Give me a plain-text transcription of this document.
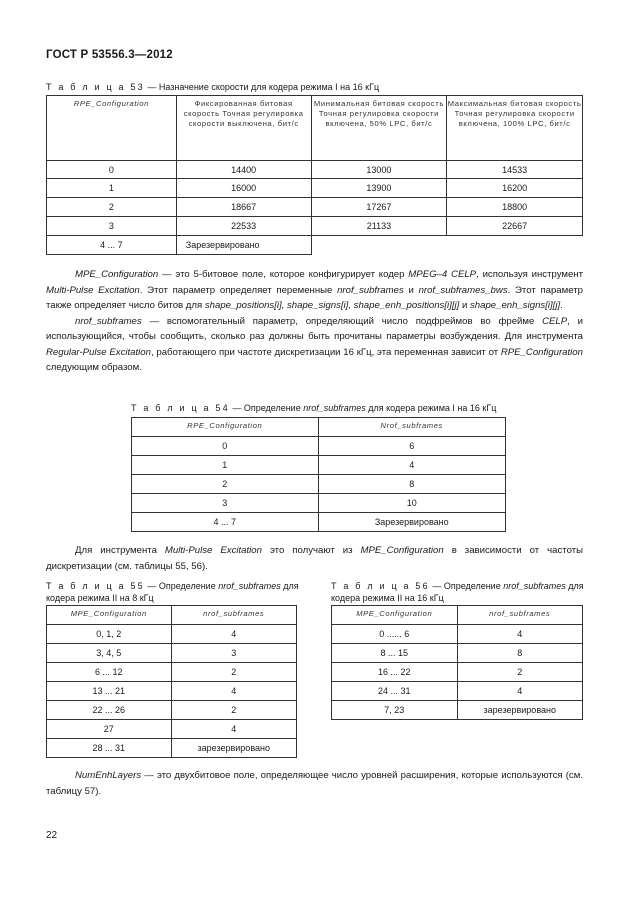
ГОСТ Р 53556.3—2012
Т а б л и ц а 53 — Назначение скорости для кодера режима I на 16 кГц
RPE_Configuration	Фиксированная битовая скорость Точная регулировка скорости выключена, бит/с	Минимальная битовая скорость Точная регулировка скорости включена, 50% LPC, бит/с	Максимальная битовая скорость Точная регулировка скорости включена, 100% LPC, бит/с
0	14400	13000	14533
1	16000	13900	16200
2	18667	17267	18800
3	22533	21133	22667
4 ... 7	Зарезервировано		

MPE_Configuration — это 5-битовое поле, которое конфигурирует кодер MPEG–4 CELP, используя инструмент Multi-Pulse Excitation. Этот параметр определяет переменные nrof_subframes и nrof_subframes_bws. Этот параметр также определяет число битов для shape_positions[i], shape_signs[i], shape_enh_positions[i][j] и shape_enh_signs[i][j].

nrof_subframes — вспомогательный параметр, определяющий число подфреймов во фрейме CELP, и использующийся, чтобы сообщить, сколько раз должны быть прочитаны параметры возбуждения. Для инструмента Regular-Pulse Excitation, работающего при частоте дискретизации 16 кГц, эта переменная зависит от RPE_Configuration следующим образом.

Т а б л и ц а 54 — Определение nrof_subframes для кодера режима I на 16 кГц
RPE_Configuration	Nrof_subframes
0	6
1	4
2	8
3	10
4 ... 7	Зарезервировано

Для инструмента Multi-Pulse Excitation это получают из MPE_Configuration в зависимости от частоты дискретизации (см. таблицы 55, 56).

Т а б л и ц а 55 — Определение nrof_subframes для
кодера режима II на 8 кГц
MPE_Configuration	nrof_subframes
0, 1, 2	4
3, 4, 5	3
6 ... 12	2
13 ... 21	4
22 ... 26	2
27	4
28 ... 31	зарезервировано
Т а б л и ц а 56 — Определение nrof_subframes для
кодера режима II на 16 кГц
MPE_Configuration	nrof_subframes
0 ...... 6	4
8 ... 15	8
16 ... 22	2
24 ... 31	4
7, 23	зарезервировано

NumEnhLayers — это двухбитовое поле, определяющее число уровней расширения, которые используются (см. таблицу 57).

22
